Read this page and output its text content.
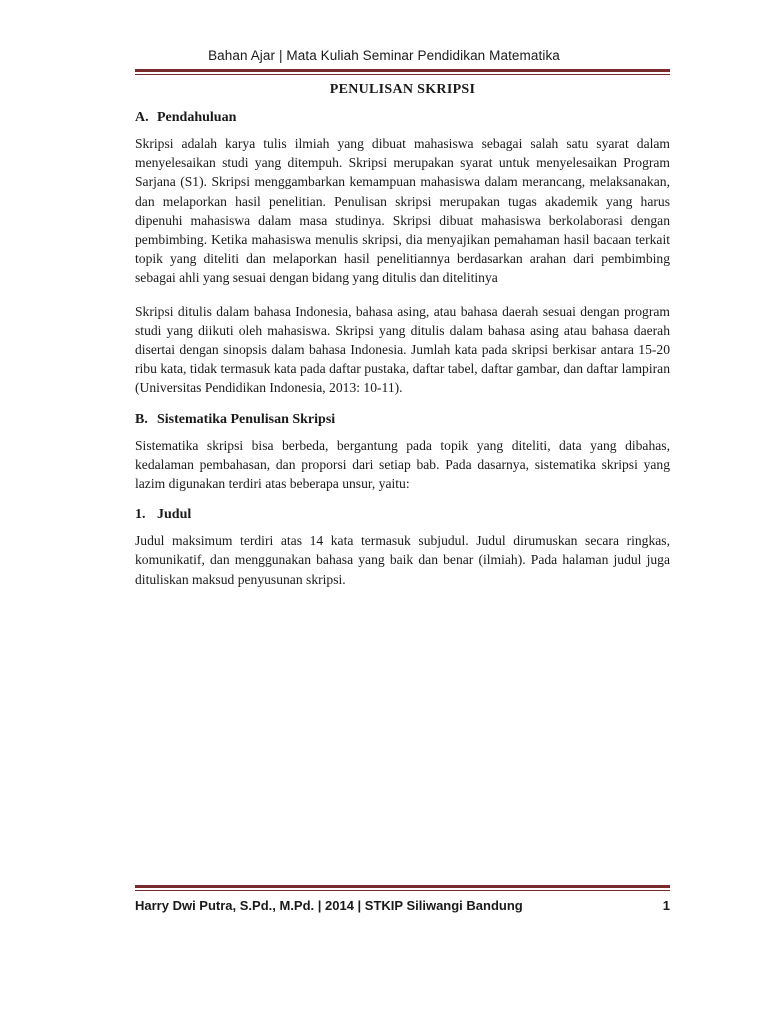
Bahan Ajar | Mata Kuliah Seminar Pendidikan Matematika
PENULISAN SKRIPSI
A. Pendahuluan

Skripsi adalah karya tulis ilmiah yang dibuat mahasiswa sebagai salah satu syarat dalam menyelesaikan studi yang ditempuh. Skripsi merupakan syarat untuk menyelesaikan Program Sarjana (S1). Skripsi menggambarkan kemampuan mahasiswa dalam merancang, melaksanakan, dan melaporkan hasil penelitian. Penulisan skripsi merupakan tugas akademik yang harus dipenuhi mahasiswa dalam masa studinya. Skripsi dibuat mahasiswa berkolaborasi dengan pembimbing. Ketika mahasiswa menulis skripsi, dia menyajikan pemahaman hasil bacaan terkait topik yang diteliti dan melaporkan hasil penelitiannya berdasarkan arahan dari pembimbing sebagai ahli yang sesuai dengan bidang yang ditulis dan ditelitinya

Skripsi ditulis dalam bahasa Indonesia, bahasa asing, atau bahasa daerah sesuai dengan program studi yang diikuti oleh mahasiswa. Skripsi yang ditulis dalam bahasa asing atau bahasa daerah disertai dengan sinopsis dalam bahasa Indonesia. Jumlah kata pada skripsi berkisar antara 15-20 ribu kata, tidak termasuk kata pada daftar pustaka, daftar tabel, daftar gambar, dan daftar lampiran (Universitas Pendidikan Indonesia, 2013: 10-11).

B. Sistematika Penulisan Skripsi

Sistematika skripsi bisa berbeda, bergantung pada topik yang diteliti, data yang dibahas, kedalaman pembahasan, dan proporsi dari setiap bab. Pada dasarnya, sistematika skripsi yang lazim digunakan terdiri atas beberapa unsur, yaitu:

1. Judul

Judul maksimum terdiri atas 14 kata termasuk subjudul. Judul dirumuskan secara ringkas, komunikatif, dan menggunakan bahasa yang baik dan benar (ilmiah). Pada halaman judul juga dituliskan maksud penyusunan skripsi.

Harry Dwi Putra, S.Pd., M.Pd. | 2014 | STKIP Siliwangi Bandung	1
